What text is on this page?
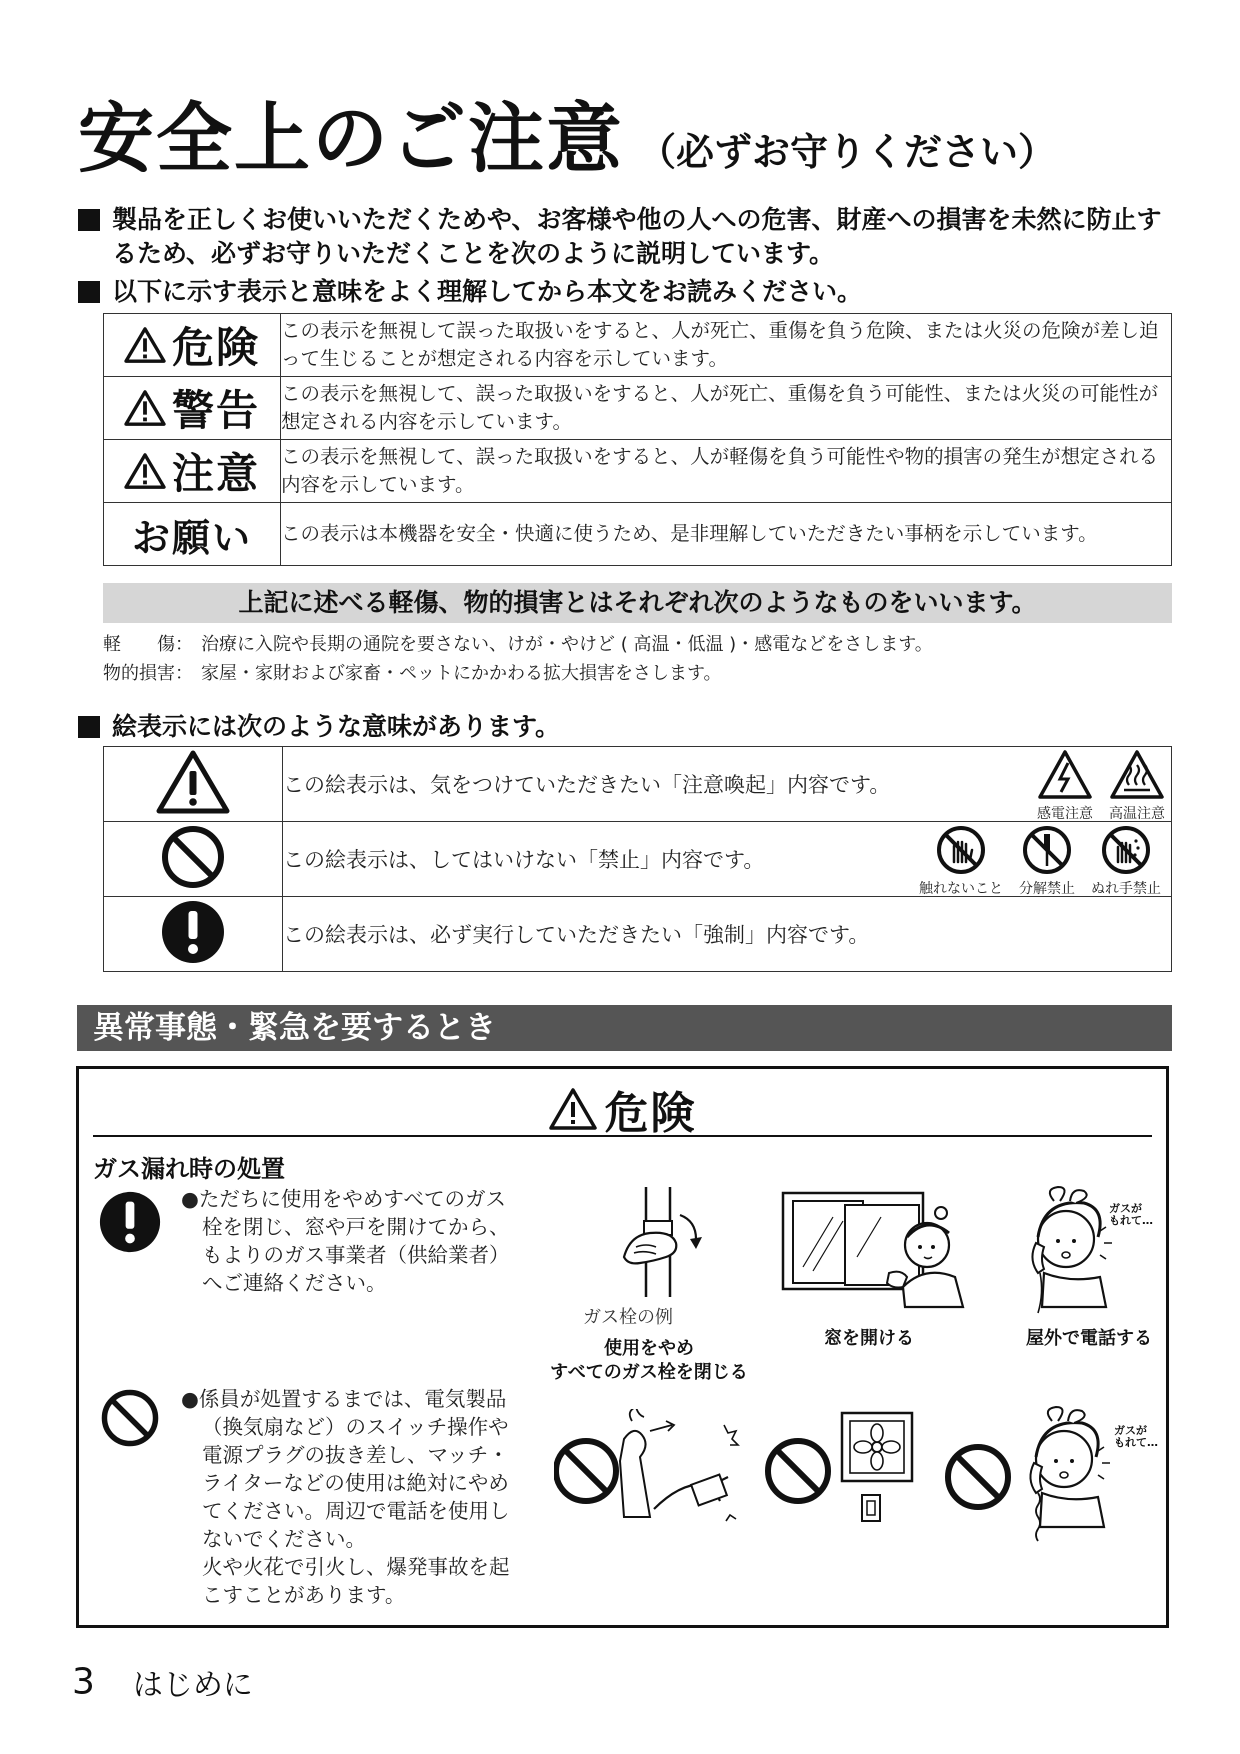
安全上のご注意 （必ずお守りください）
製品を正しくお使いいただくためや、お客様や他の人への危害、財産への損害を未然に防止するため、必ずお守りいただくことを次のように説明しています。
以下に示す表示と意味をよく理解してから本文をお読みください。
危険	この表示を無視して誤った取扱いをすると、人が死亡、重傷を負う危険、または火災の危険が差し迫って生じることが想定される内容を示しています。
警告	この表示を無視して、誤った取扱いをすると、人が死亡、重傷を負う可能性、または火災の可能性が想定される内容を示しています。
注意	この表示を無視して、誤った取扱いをすると、人が軽傷を負う可能性や物的損害の発生が想定される内容を示しています。
お願い	この表示は本機器を安全・快適に使うため、是非理解していただきたい事柄を示しています。
上記に述べる軽傷、物的損害とはそれぞれ次のようなものをいいます。
軽　　傷： 治療に入院や長期の通院を要さない、けが・やけど ( 高温・低温 )・感電などをさします。
物的損害： 家屋・家財および家畜・ペットにかかわる拡大損害をさします。
絵表示には次のような意味があります。
	この絵表示は、気をつけていただきたい「注意喚起」内容です。
感電注意 高温注意

	この絵表示は、してはいけない「禁止」内容です。
触れないこと 分解禁止 ぬれ手禁止

	この絵表示は、必ず実行していただきたい「強制」内容です。
異常事態・緊急を要するとき
危険
ガス漏れ時の処置

●ただちに使用をやめすべてのガス

栓を閉じ、窓や戸を開けてから、

もよりのガス事業者（供給業者）

へご連絡ください。

ガス栓の例
使用をやめ
すべてのガス栓を閉じる
窓を開ける
ガスが
もれて…
屋外で電話する

●係員が処置するまでは、電気製品

（換気扇など）のスイッチ操作や

電源プラグの抜き差し、マッチ・

ライターなどの使用は絶対にやめ

てください。周辺で電話を使用し

ないでください。

火や火花で引火し、爆発事故を起

こすことがあります。

ガスが
もれて…
3 はじめに
